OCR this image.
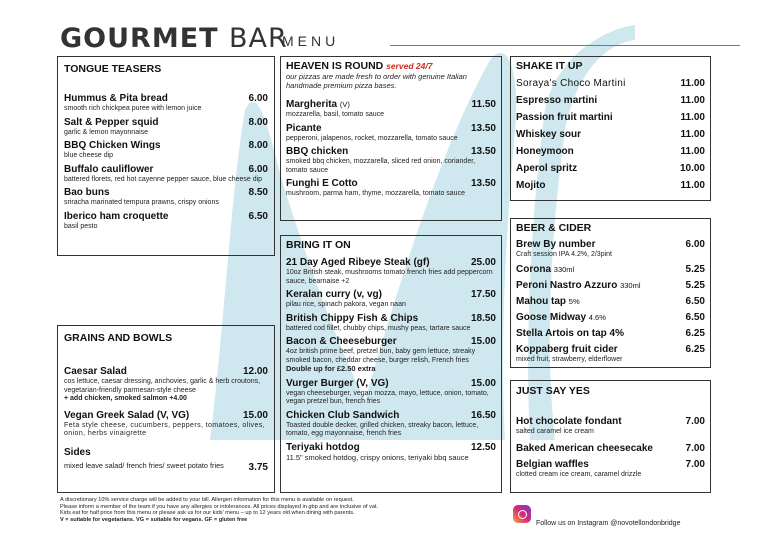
GOURMET BAR
MENU
TONGUE TEASERS
Hummus & Pita bread	6.00
smooth rich chickpea puree with lemon juice
Salt & Pepper squid	8.00
garlic & lemon mayonnaise
BBQ Chicken Wings	8.00
blue cheese dip
Buffalo cauliflower	6.00
battered florets, red hot cayenne pepper sauce, blue cheese dip
Bao buns	8.50
sriracha marinated tempura prawns, crispy onions
Iberico ham croquette	6.50
basil pesto
GRAINS AND BOWLS
Caesar Salad	12.00
cos lettuce, caesar dressing, anchovies, garlic & herb croutons, vegetarian-friendly parmesan-style cheese
+ add chicken, smoked salmon +4.00
Vegan Greek Salad (V, VG)	15.00
Feta style cheese, cucumbers, peppers, tomatoes, olives, onion, herbs vinaigrette
Sides
mixed leave salad/ french fries/ sweet potato fries	3.75
HEAVEN IS ROUND served 24/7
our pizzas are made fresh to order with genuine Italian handmade premium pizza bases.
Margherita (V)	11.50
mozzarella, basil, tomato sauce
Picante	13.50
pepperoni, jalapenos, rocket, mozzarella, tomato sauce
BBQ chicken	13.50
smoked bbq chicken, mozzarella, sliced red onion, coriander, tomato sauce
Funghi E Cotto	13.50
mushroom, parma ham, thyme, mozzarella, tomato sauce
BRING IT ON
21 Day Aged Ribeye Steak (gf)	25.00
10oz British steak, mushrooms tomato french fries add peppercorn sauce, bearnaise +2
Keralan curry (v, vg)	17.50
pilau rice, spinach pakora, vegan naan
British Chippy Fish & Chips	18.50
battered cod fillet, chubby chips, mushy peas, tartare sauce
Bacon & Cheeseburger	15.00
4oz british prime beef, pretzel bun, baby gem lettuce, streaky smoked bacon, cheddar cheese, burger relish, French fries Double up for £2.50 extra
Vurger Burger (V, VG)	15.00
vegan cheeseburger, vegan mozza, mayo, lettuce, onion, tomato, vegan pretzel bun, french fries
Chicken Club Sandwich	16.50
Toasted double decker, grilled chicken, streaky bacon, lettuce, tomato, egg mayonnaise, french fries
Teriyaki hotdog	12.50
11.5" smoked hotdog, crispy onions, teriyaki bbq sauce
SHAKE IT UP
Soraya's Choco Martini	11.00
Espresso martini	11.00
Passion fruit martini	11.00
Whiskey sour	11.00
Honeymoon	11.00
Aperol spritz	10.00
Mojito	11.00
BEER & CIDER
Brew By number	6.00
Craft session IPA 4.2%, 2/3pint
Corona 330ml	5.25
Peroni Nastro Azzuro 330ml	5.25
Mahou tap 5%	6.50
Goose Midway 4.6%	6.50
Stella Artois on tap 4%	6.25
Koppaberg fruit cider	6.25
mixed fruit, strawberry, elderflower
JUST SAY YES
Hot chocolate fondant	7.00
salted caramel ice cream
Baked American cheesecake	7.00
Belgian waffles	7.00
clotted cream ice cream, caramel drizzle
A discretionary 10% service charge will be added to your bill. Allergen information for this menu is available on request.
Please inform a member of the team if you have any allergies or intolerances. All prices displayed in gbp and are inclusive of vat.
Kids eat for half price from this menu or please ask us for our kids' menu – up to 12 years old when dining with parents.
V = suitable for vegetarians. VG = suitable for vegans. GF = gluten free
Follow us on Instagram @novotellondonbridge
